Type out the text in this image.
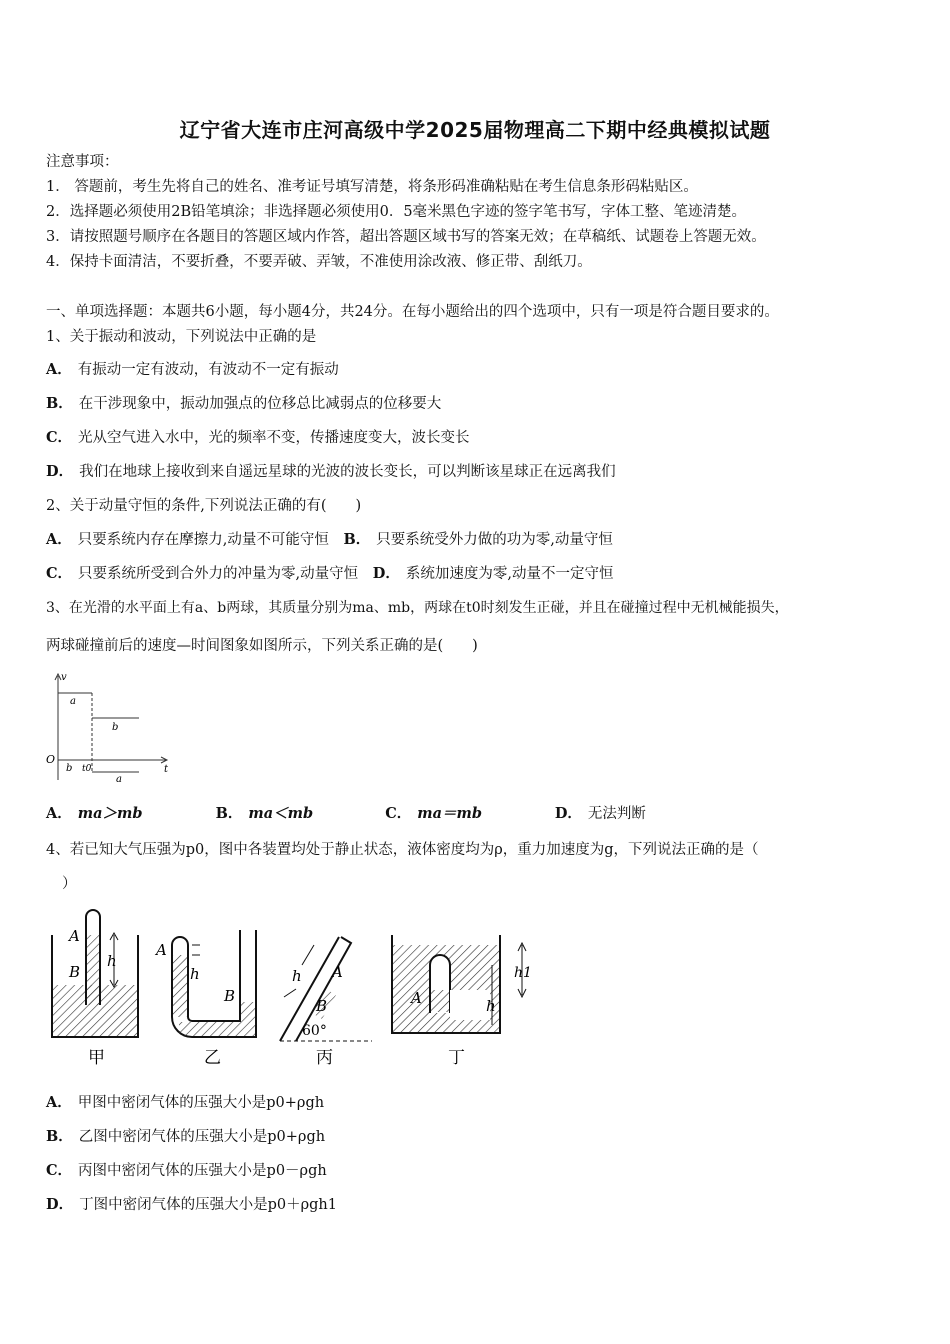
辽宁省大连市庄河高级中学2025届物理高二下期中经典模拟试题
注意事项：
1． 答题前，考生先将自己的姓名、准考证号填写清楚，将条形码准确粘贴在考生信息条形码粘贴区。
2．选择题必须使用2B铅笔填涂；非选择题必须使用0．5毫米黑色字迹的签字笔书写，字体工整、笔迹清楚。
3．请按照题号顺序在各题目的答题区域内作答，超出答题区域书写的答案无效；在草稿纸、试题卷上答题无效。
4．保持卡面清洁，不要折叠，不要弄破、弄皱，不准使用涂改液、修正带、刮纸刀。
一、单项选择题：本题共6小题，每小题4分，共24分。在每小题给出的四个选项中，只有一项是符合题目要求的。
1、关于振动和波动，下列说法中正确的是
A． 有振动一定有波动，有波动不一定有振动
B． 在干涉现象中，振动加强点的位移总比减弱点的位移要大
C． 光从空气进入水中，光的频率不变，传播速度变大，波长变长
D． 我们在地球上接收到来自遥远星球的光波的波长变长，可以判断该星球正在远离我们
2、关于动量守恒的条件,下列说法正确的有(　　)
A． 只要系统内存在摩擦力,动量不可能守恒 B． 只要系统受外力做的功为零,动量守恒
C． 只要系统所受到合外力的冲量为零,动量守恒 D． 系统加速度为零,动量不一定守恒
3、在光滑的水平面上有a、b两球，其质量分别为ma、mb，两球在t0时刻发生正碰，并且在碰撞过程中无机械能损失，
两球碰撞前后的速度—时间图象如图所示，下列关系正确的是(　　)
v
t
O
a
b
b t0
a
A． ma＞mb	B． ma＜mb	C． ma＝mb	D． 无法判断
4、若已知大气压强为p0，图中各装置均处于静止状态，液体密度均为ρ，重力加速度为g，下列说法正确的是（
）
A
B
h
甲
A
h
B
乙
h A
B
60°
丙
A	h
h1
丁
A． 甲图中密闭气体的压强大小是p0+ρgh
B． 乙图中密闭气体的压强大小是p0+ρgh
C． 丙图中密闭气体的压强大小是p0－ρgh
D． 丁图中密闭气体的压强大小是p0＋ρgh1
